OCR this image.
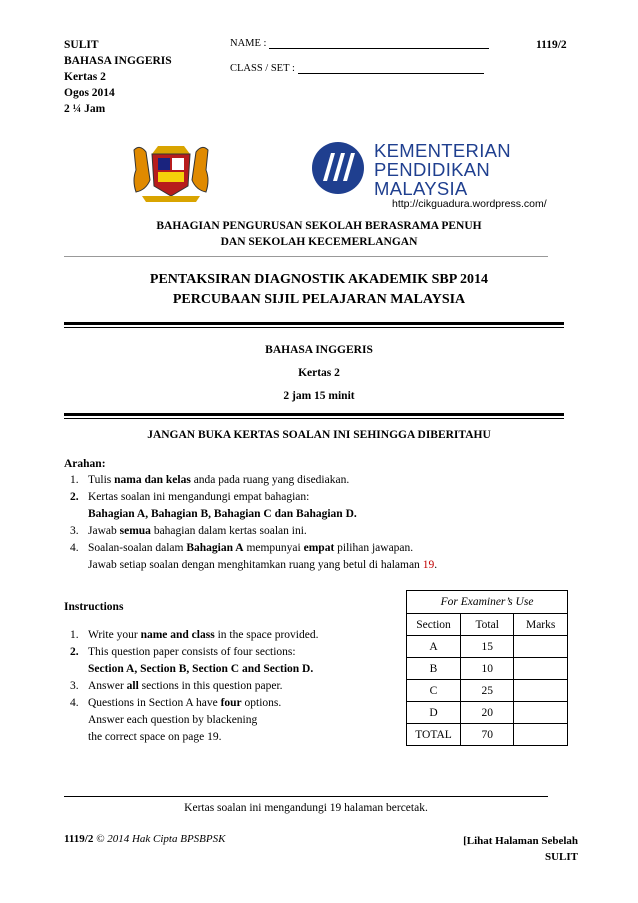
SULIT
BAHASA INGGERIS
Kertas 2
Ogos 2014
2 ¼ Jam
NAME :
CLASS / SET :
1119/2
KEMENTERIAN
PENDIDIKAN
MALAYSIA
http://cikguadura.wordpress.com/
BAHAGIAN PENGURUSAN SEKOLAH BERASRAMA PENUH
DAN SEKOLAH KECEMERLANGAN
PENTAKSIRAN DIAGNOSTIK AKADEMIK SBP 2014
PERCUBAAN SIJIL PELAJARAN MALAYSIA
BAHASA INGGERIS
Kertas 2
2 jam 15 minit
JANGAN BUKA KERTAS SOALAN INI SEHINGGA DIBERITAHU
Arahan:
1. Tulis nama dan kelas anda pada ruang yang disediakan.
2. Kertas soalan ini mengandungi empat bahagian:
Bahagian A, Bahagian B, Bahagian C dan Bahagian D.
3. Jawab semua bahagian dalam kertas soalan ini.
4. Soalan-soalan dalam Bahagian A mempunyai empat pilihan jawapan.
Jawab setiap soalan dengan menghitamkan ruang yang betul di halaman 19.
Instructions
1. Write your name and class in the space provided.
2. This question paper consists of four sections:
Section A, Section B, Section C and Section D.
3. Answer all sections in this question paper.
4. Questions in Section A have four options.
Answer each question by blackening
the correct space on page 19.
For Examiner’s Use		
Section	Total	Marks
A	15	
B	10	
C	25	
D	20	
TOTAL	70	
Kertas soalan ini mengandungi 19 halaman bercetak.
1119/2 © 2014 Hak Cipta BPSBPSK	[Lihat Halaman Sebelah
SULIT
